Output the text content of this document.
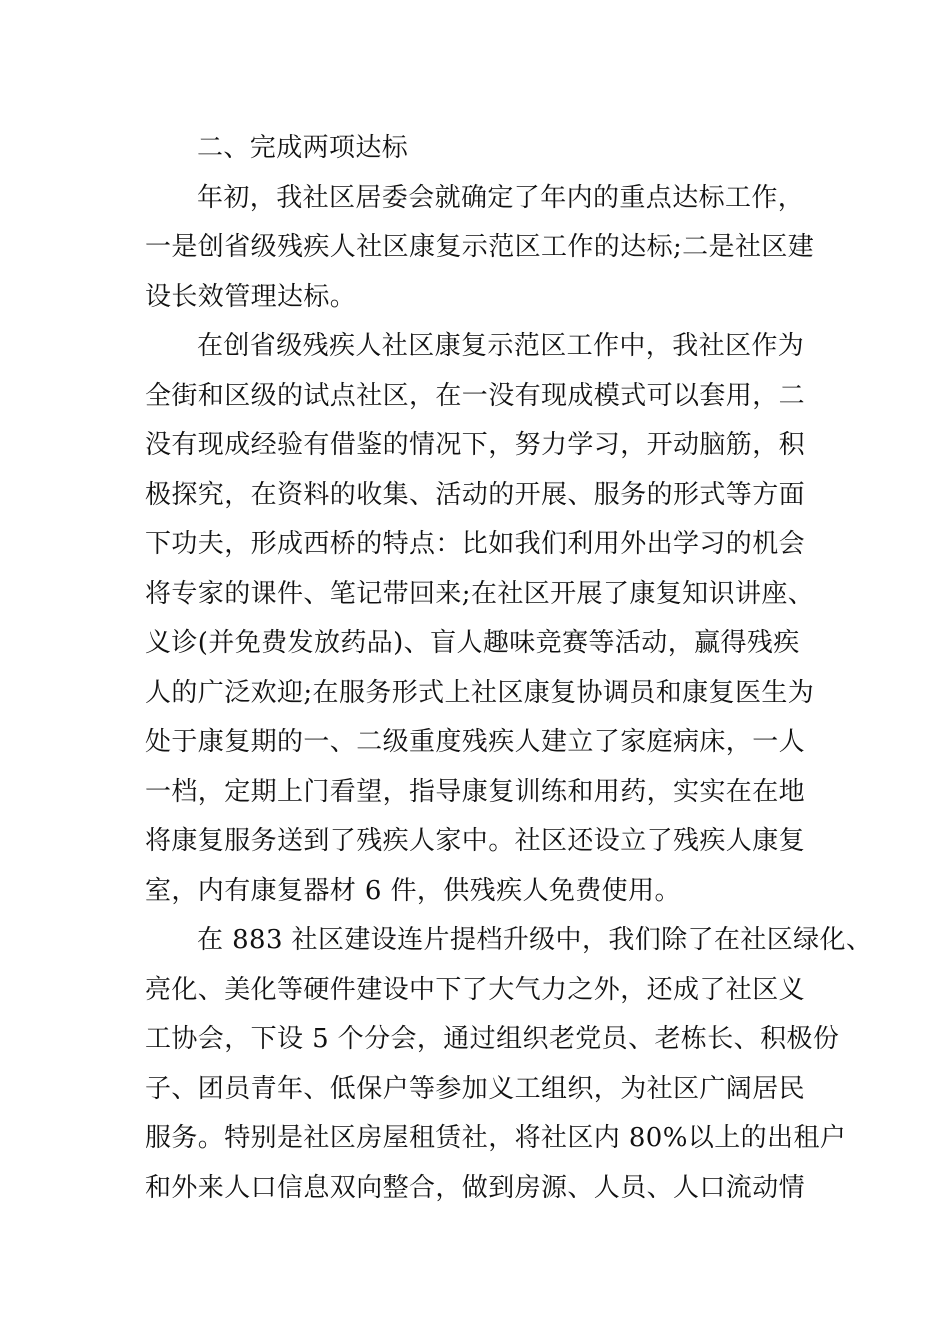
二、完成两项达标
年初，我社区居委会就确定了年内的重点达标工作，
一是创省级残疾人社区康复示范区工作的达标;二是社区建
设长效管理达标。
在创省级残疾人社区康复示范区工作中，我社区作为
全街和区级的试点社区，在一没有现成模式可以套用，二
没有现成经验有借鉴的情况下，努力学习，开动脑筋，积
极探究，在资料的收集、活动的开展、服务的形式等方面
下功夫，形成西桥的特点：比如我们利用外出学习的机会
将专家的课件、笔记带回来;在社区开展了康复知识讲座、
义诊(并免费发放药品)、盲人趣味竞赛等活动，赢得残疾
人的广泛欢迎;在服务形式上社区康复协调员和康复医生为
处于康复期的一、二级重度残疾人建立了家庭病床，一人
一档，定期上门看望，指导康复训练和用药，实实在在地
将康复服务送到了残疾人家中。社区还设立了残疾人康复
室，内有康复器材 6 件，供残疾人免费使用。
在 883 社区建设连片提档升级中，我们除了在社区绿化、
亮化、美化等硬件建设中下了大气力之外，还成了社区义
工协会，下设 5 个分会，通过组织老党员、老栋长、积极份
子、团员青年、低保户等参加义工组织，为社区广阔居民
服务。特别是社区房屋租赁社，将社区内 80%以上的出租户
和外来人口信息双向整合，做到房源、人员、人口流动情
